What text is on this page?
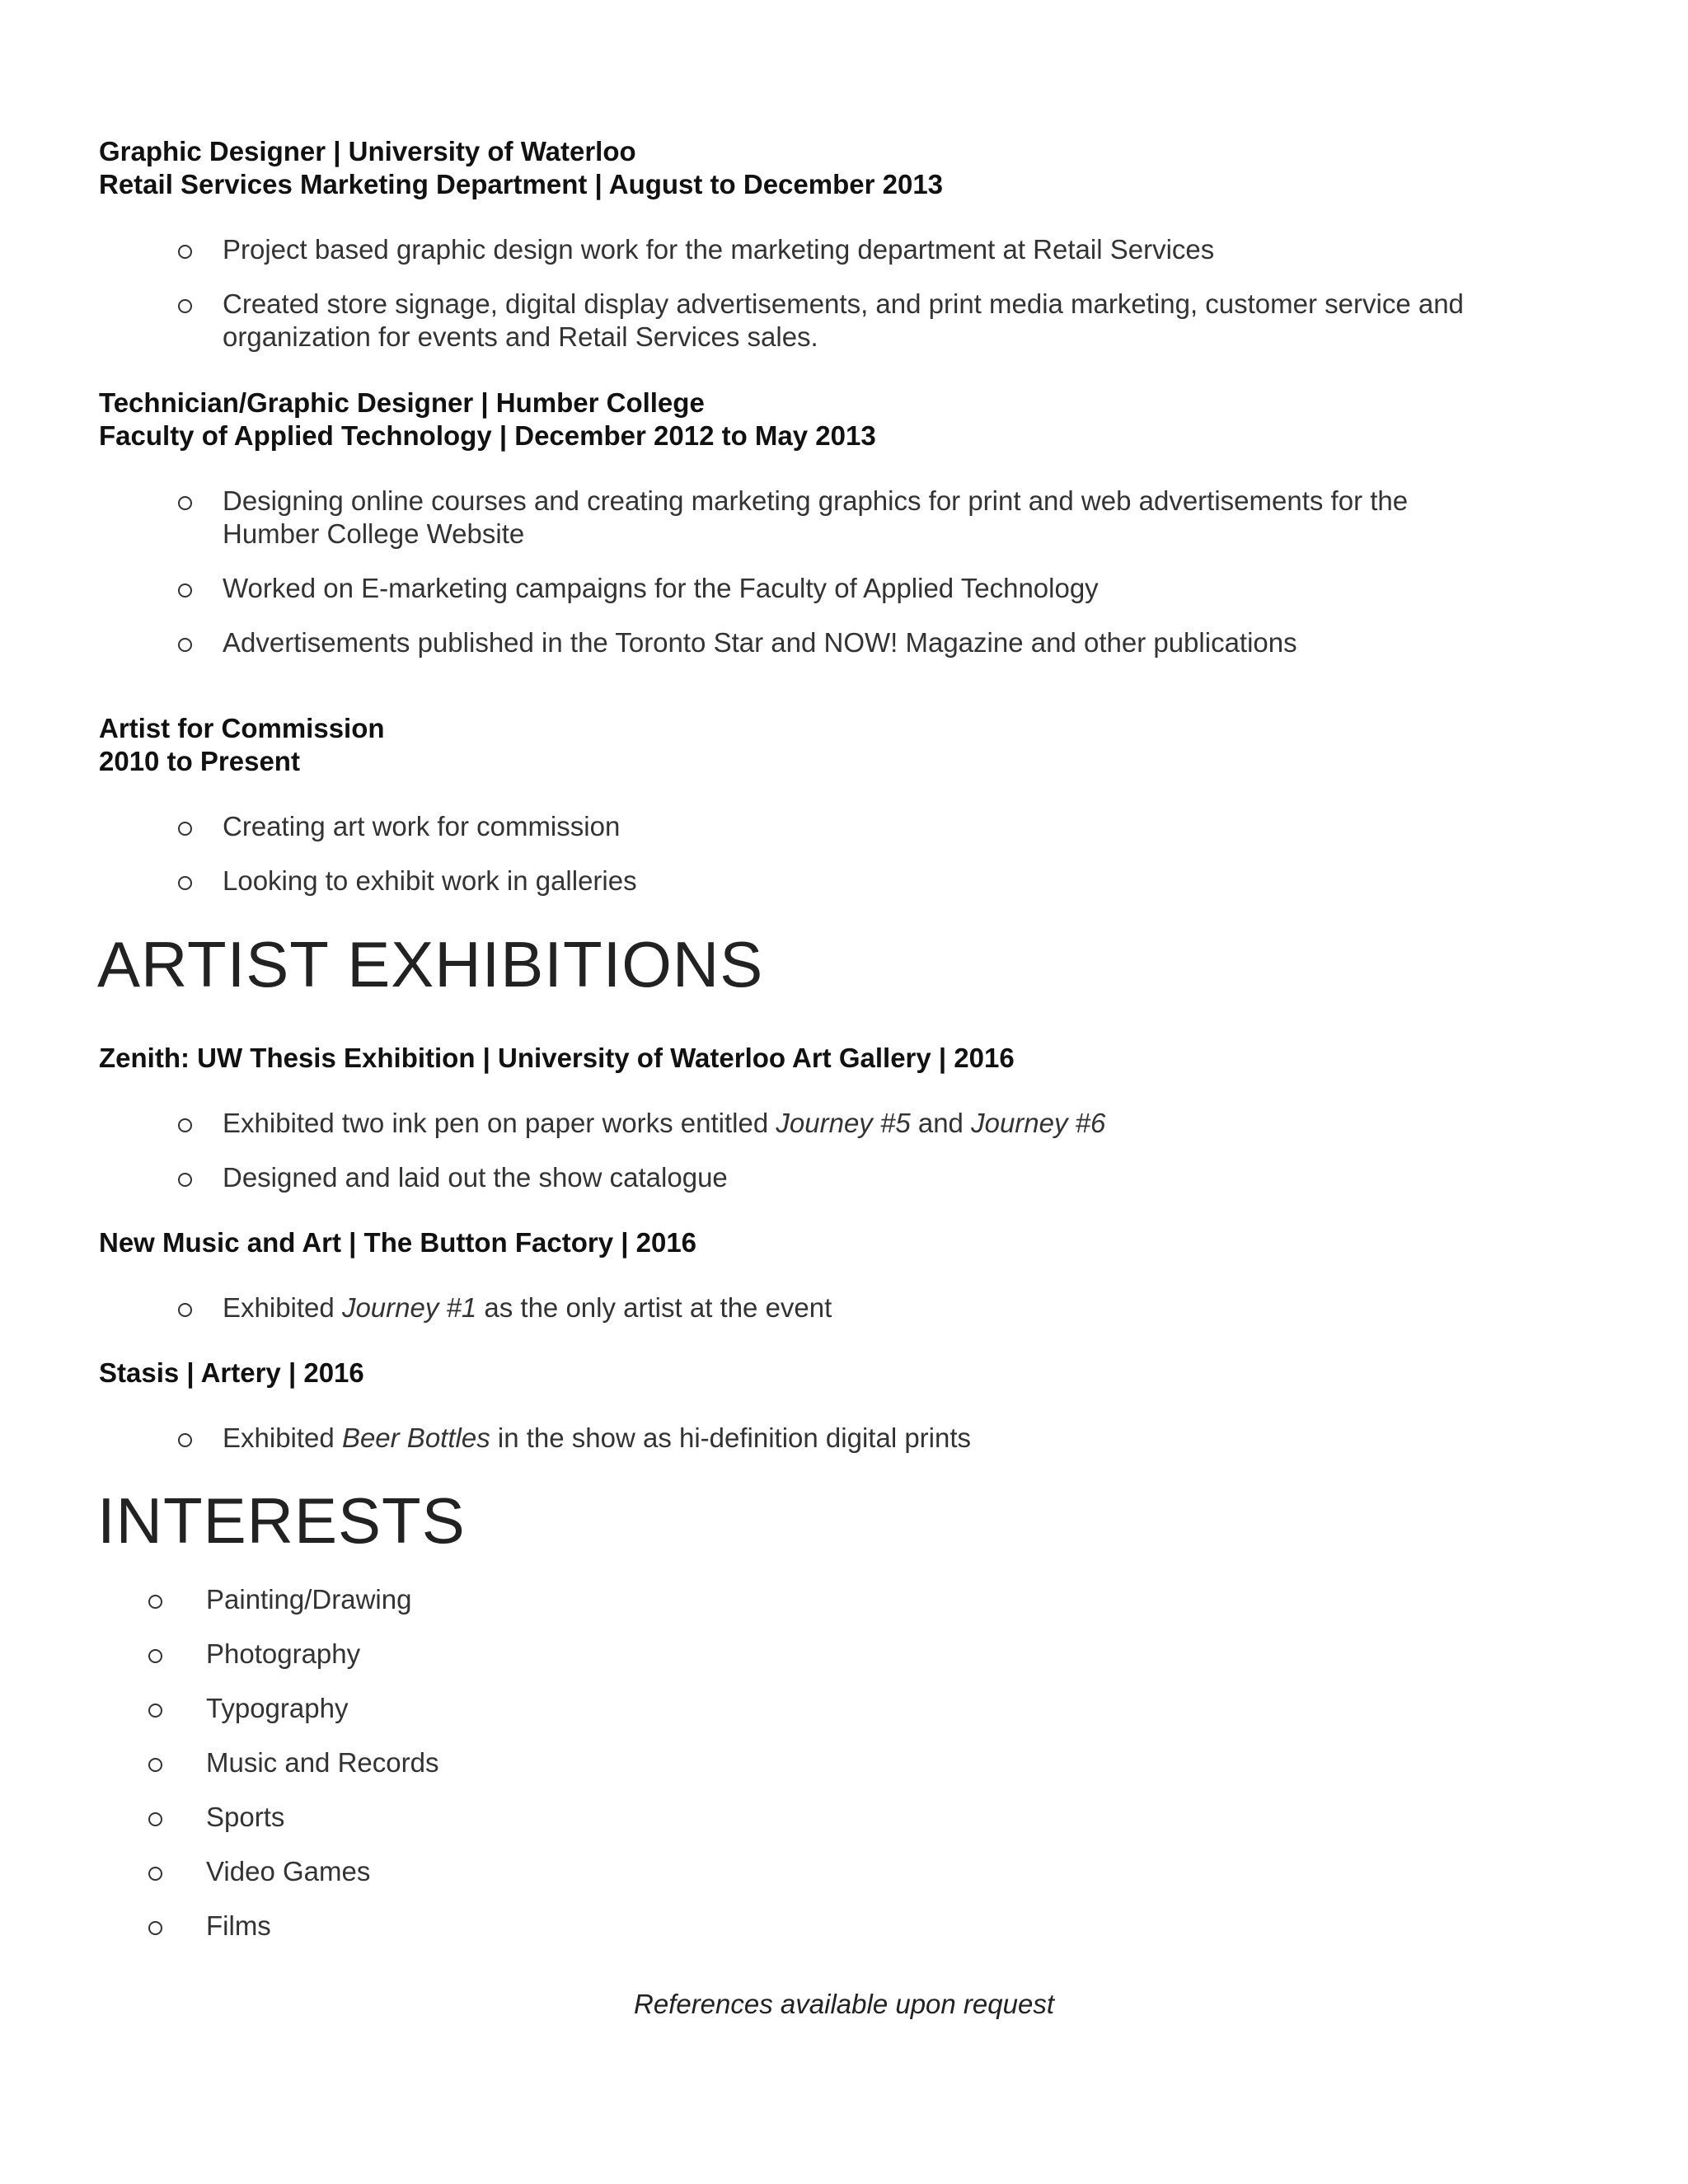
Graphic Designer | University of Waterloo
Retail Services Marketing Department | August to December 2013
Project based graphic design work for the marketing department at Retail Services
Created store signage, digital display advertisements, and print media marketing, customer service and organization for events and Retail Services sales.
Technician/Graphic Designer | Humber College
Faculty of Applied Technology | December 2012 to May 2013
Designing online courses and creating marketing graphics for print and web advertisements for the Humber College Website
Worked on E-marketing campaigns for the Faculty of Applied Technology
Advertisements published in the Toronto Star and NOW! Magazine and other publications
Artist for Commission
2010 to Present
Creating art work for commission
Looking to exhibit work in galleries
ARTIST EXHIBITIONS
Zenith: UW Thesis Exhibition | University of Waterloo Art Gallery | 2016
Exhibited two ink pen on paper works entitled Journey #5 and Journey #6
Designed and laid out the show catalogue
New Music and Art | The Button Factory | 2016
Exhibited Journey #1 as the only artist at the event
Stasis | Artery | 2016
Exhibited Beer Bottles in the show as hi-definition digital prints
INTERESTS
Painting/Drawing
Photography
Typography
Music and Records
Sports
Video Games
Films
References available upon request
